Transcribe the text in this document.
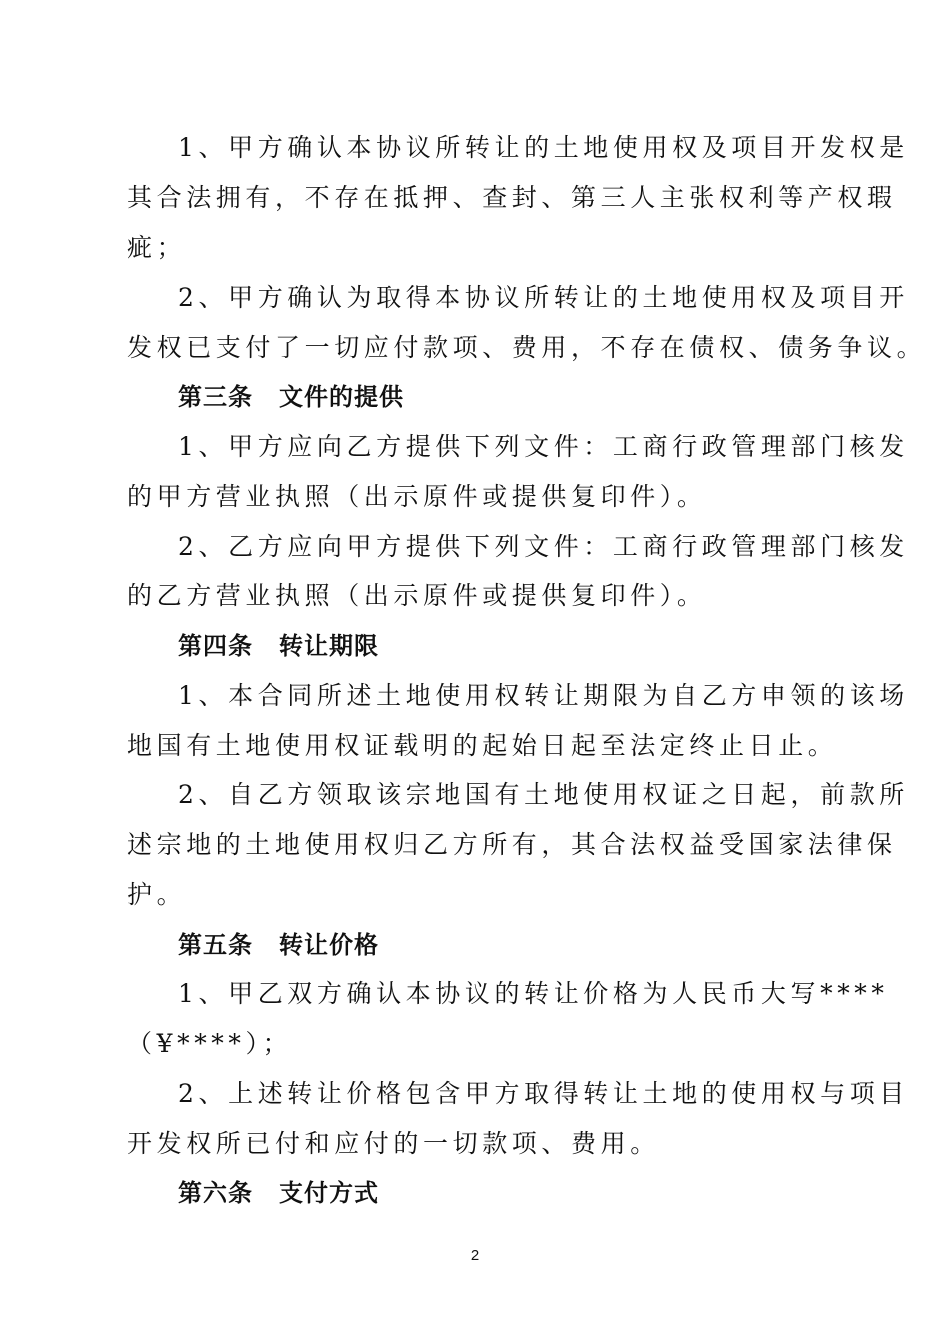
1、甲方确认本协议所转让的土地使用权及项目开发权是
其合法拥有，不存在抵押、查封、第三人主张权利等产权瑕
疵；
2、甲方确认为取得本协议所转让的土地使用权及项目开
发权已支付了一切应付款项、费用，不存在债权、债务争议。
第三条 文件的提供
1、甲方应向乙方提供下列文件：工商行政管理部门核发
的甲方营业执照（出示原件或提供复印件）。
2、乙方应向甲方提供下列文件：工商行政管理部门核发
的乙方营业执照（出示原件或提供复印件）。
第四条 转让期限
1、本合同所述土地使用权转让期限为自乙方申领的该场
地国有土地使用权证载明的起始日起至法定终止日止。
2、自乙方领取该宗地国有土地使用权证之日起，前款所
述宗地的土地使用权归乙方所有，其合法权益受国家法律保
护。
第五条 转让价格
1、甲乙双方确认本协议的转让价格为人民币大写****
（¥****）；
2、上述转让价格包含甲方取得转让土地的使用权与项目
开发权所已付和应付的一切款项、费用。
第六条 支付方式
2
